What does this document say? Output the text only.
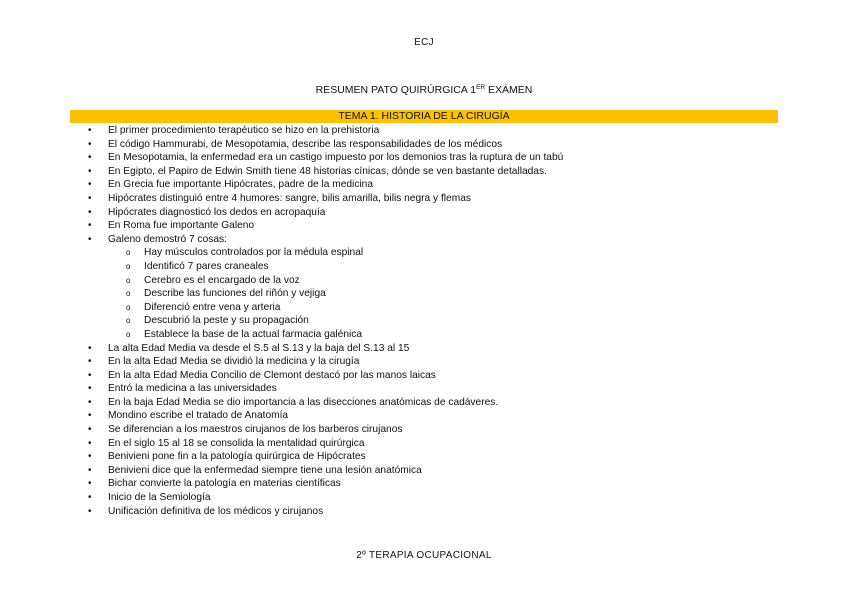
ECJ
RESUMEN PATO QUIRÚRGICA 1ER EXÁMEN
TEMA 1. HISTORIA DE LA CIRUGÍA
• El primer procedimiento terapéutico se hizo en la prehistoria
• El código Hammurabi, de Mesopotamia, describe las responsabilidades de los médicos
• En Mesopotamia, la enfermedad era un castigo impuesto por los demonios tras la ruptura de un tabú
• En Egipto, el Papiro de Edwin Smith tiene 48 historias cínicas, dónde se ven bastante detalladas.
• En Grecia fue importante Hipócrates, padre de la medicina
• Hipócrates distinguió entre 4 humores: sangre, bilis amarilla, bilis negra y flemas
• Hipócrates diagnosticó los dedos en acropaquía
• En Roma fue importante Galeno
• Galeno demostró 7 cosas:
o Hay músculos controlados por la médula espinal
o Identificó 7 pares craneales
o Cerebro es el encargado de la voz
o Describe las funciones del riñón y vejiga
o Diferenció entre vena y arteria
o Descubrió la peste y su propagación
o Establece la base de la actual farmacia galénica
• La alta Edad Media va desde el S.5 al S.13 y la baja del S.13 al 15
• En la alta Edad Media se dividió la medicina y la cirugía
• En la alta Edad Media Concilio de Clemont destacó por las manos laicas
• Entró la medicina a las universidades
• En la baja Edad Media se dio importancia a las disecciones anatómicas de cadáveres.
• Mondino escribe el tratado de Anatomía
• Se diferencian a los maestros cirujanos de los barberos cirujanos
• En el siglo 15 al 18 se consolida la mentalidad quirúrgica
• Benivieni pone fin a la patología quirúrgica de Hipócrates
• Benivieni dice que la enfermedad siempre tiene una lesión anatómica
• Bichar convierte la patología en materias científicas
• Inicio de la Semiología
• Unificación definitiva de los médicos y cirujanos
2º TERAPIA OCUPACIONAL
